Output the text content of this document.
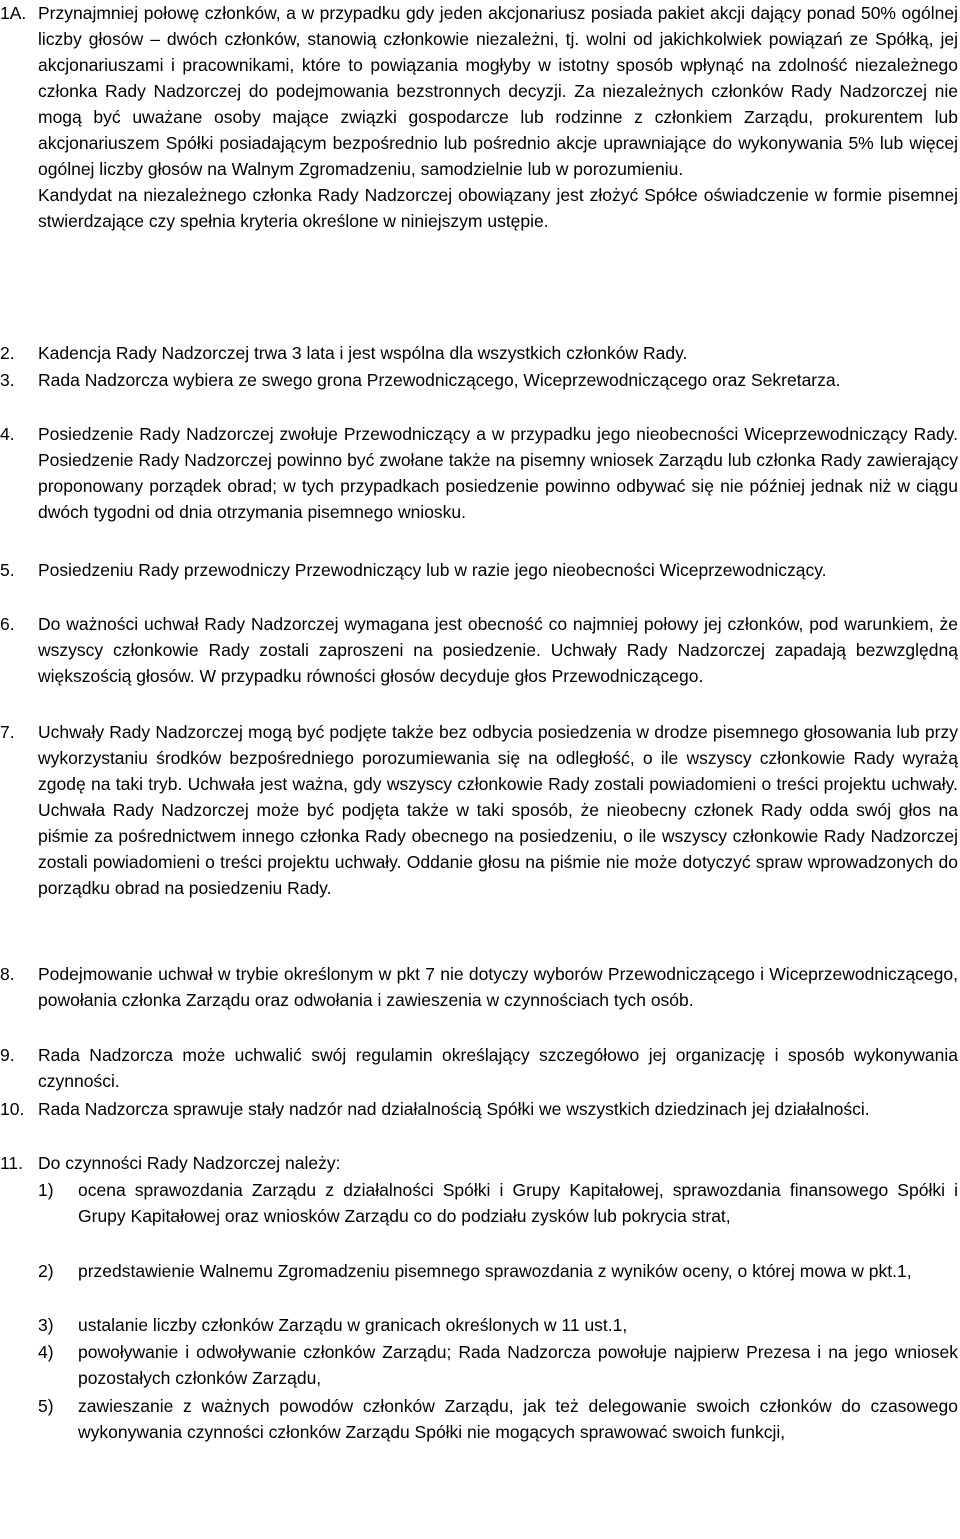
1A. Przynajmniej połowę członków, a w przypadku gdy jeden akcjonariusz posiada pakiet akcji dający ponad 50% ogólnej liczby głosów – dwóch członków, stanowią członkowie niezależni, tj. wolni od jakichkolwiek powiązań ze Spółką, jej akcjonariuszami i pracownikami, które to powiązania mogłyby w istotny sposób wpłynąć na zdolność niezależnego członka Rady Nadzorczej do podejmowania bezstronnych decyzji. Za niezależnych członków Rady Nadzorczej nie mogą być uważane osoby mające związki gospodarcze lub rodzinne z członkiem Zarządu, prokurentem lub akcjonariuszem Spółki posiadającym bezpośrednio lub pośrednio akcje uprawniające do wykonywania 5% lub więcej ogólnej liczby głosów na Walnym Zgromadzeniu, samodzielnie lub w porozumieniu.

Kandydat na niezależnego członka Rady Nadzorczej obowiązany jest złożyć Spółce oświadczenie w formie pisemnej stwierdzające czy spełnia kryteria określone w niniejszym ustępie.

2. Kadencja Rady Nadzorczej trwa 3 lata i jest wspólna dla wszystkich członków Rady.
3. Rada Nadzorcza wybiera ze swego grona Przewodniczącego, Wiceprzewodniczącego oraz Sekretarza.
4. Posiedzenie Rady Nadzorczej zwołuje Przewodniczący a w przypadku jego nieobecności Wiceprzewodniczący Rady. Posiedzenie Rady Nadzorczej powinno być zwołane także na pisemny wniosek Zarządu lub członka Rady zawierający proponowany porządek obrad; w tych przypadkach posiedzenie powinno odbywać się nie później jednak niż w ciągu dwóch tygodni od dnia otrzymania pisemnego wniosku.
5. Posiedzeniu Rady przewodniczy Przewodniczący lub w razie jego nieobecności Wiceprzewodniczący.
6. Do ważności uchwał Rady Nadzorczej wymagana jest obecność co najmniej połowy jej członków, pod warunkiem, że wszyscy członkowie Rady zostali zaproszeni na posiedzenie. Uchwały Rady Nadzorczej zapadają bezwzględną większością głosów. W przypadku równości głosów decyduje głos Przewodniczącego.
7. Uchwały Rady Nadzorczej mogą być podjęte także bez odbycia posiedzenia w drodze pisemnego głosowania lub przy wykorzystaniu środków bezpośredniego porozumiewania się na odległość, o ile wszyscy członkowie Rady wyrażą zgodę na taki tryb. Uchwała jest ważna, gdy wszyscy członkowie Rady zostali powiadomieni o treści projektu uchwały. Uchwała Rady Nadzorczej może być podjęta także w taki sposób, że nieobecny członek Rady odda swój głos na piśmie za pośrednictwem innego członka Rady obecnego na posiedzeniu, o ile wszyscy członkowie Rady Nadzorczej zostali powiadomieni o treści projektu uchwały. Oddanie głosu na piśmie nie może dotyczyć spraw wprowadzonych do porządku obrad na posiedzeniu Rady.
8. Podejmowanie uchwał w trybie określonym w pkt 7 nie dotyczy wyborów Przewodniczącego i Wiceprzewodniczącego, powołania członka Zarządu oraz odwołania i zawieszenia w czynnościach tych osób.
9. Rada Nadzorcza może uchwalić swój regulamin określający szczegółowo jej organizację i sposób wykonywania czynności.
10. Rada Nadzorcza sprawuje stały nadzór nad działalnością Spółki we wszystkich dziedzinach jej działalności.
11. Do czynności Rady Nadzorczej należy:
1) ocena sprawozdania Zarządu z działalności Spółki i Grupy Kapitałowej, sprawozdania finansowego Spółki i Grupy Kapitałowej oraz wniosków Zarządu co do podziału zysków lub pokrycia strat,
2) przedstawienie Walnemu Zgromadzeniu pisemnego sprawozdania z wyników oceny, o której mowa w pkt.1,
3) ustalanie liczby członków Zarządu w granicach określonych w 11 ust.1,
4) powoływanie i odwoływanie członków Zarządu; Rada Nadzorcza powołuje najpierw Prezesa i na jego wniosek pozostałych członków Zarządu,
5) zawieszanie z ważnych powodów członków Zarządu, jak też delegowanie swoich członków do czasowego wykonywania czynności członków Zarządu Spółki nie mogących sprawować swoich funkcji,
